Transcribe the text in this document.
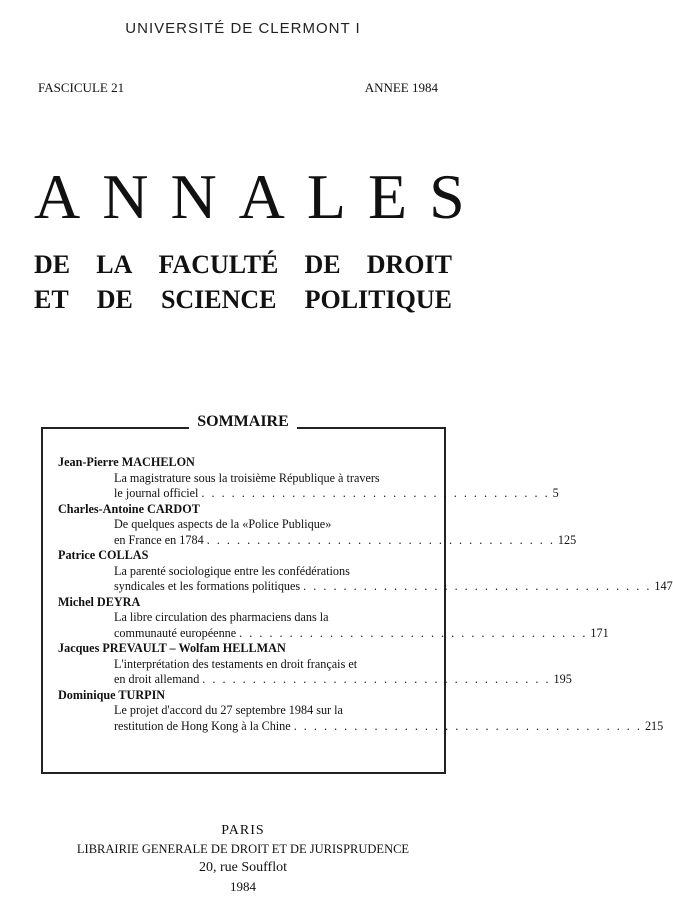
UNIVERSITÉ DE CLERMONT I
FASCICULE 21	ANNEE 1984
ANNALES
DE LA FACULTÉ DE DROIT
ET DE SCIENCE POLITIQUE
SOMMAIRE
Jean-Pierre MACHELON
La magistrature sous la troisième République à travers
le journal officiel . . . . . . . . . . . . . . . . . . . . . . . . . . . . . . . . . . . 5
Charles-Antoine CARDOT
De quelques aspects de la «Police Publique»
en France en 1784 . . . . . . . . . . . . . . . . . . . . . . . . . . . . . . . . . . . 125
Patrice COLLAS
La parenté sociologique entre les confédérations
syndicales et les formations politiques . . . . . . . . . . . . . . . . . . . . . . . . . . . . . . . . . . . 147
Michel DEYRA
La libre circulation des pharmaciens dans la
communauté européenne . . . . . . . . . . . . . . . . . . . . . . . . . . . . . . . . . . . 171
Jacques PREVAULT – Wolfam HELLMAN
L'interprétation des testaments en droit français et
en droit allemand . . . . . . . . . . . . . . . . . . . . . . . . . . . . . . . . . . . 195
Dominique TURPIN
Le projet d'accord du 27 septembre 1984 sur la
restitution de Hong Kong à la Chine . . . . . . . . . . . . . . . . . . . . . . . . . . . . . . . . . . . 215
PARIS
LIBRAIRIE GENERALE DE DROIT ET DE JURISPRUDENCE
20, rue Soufflot
1984
